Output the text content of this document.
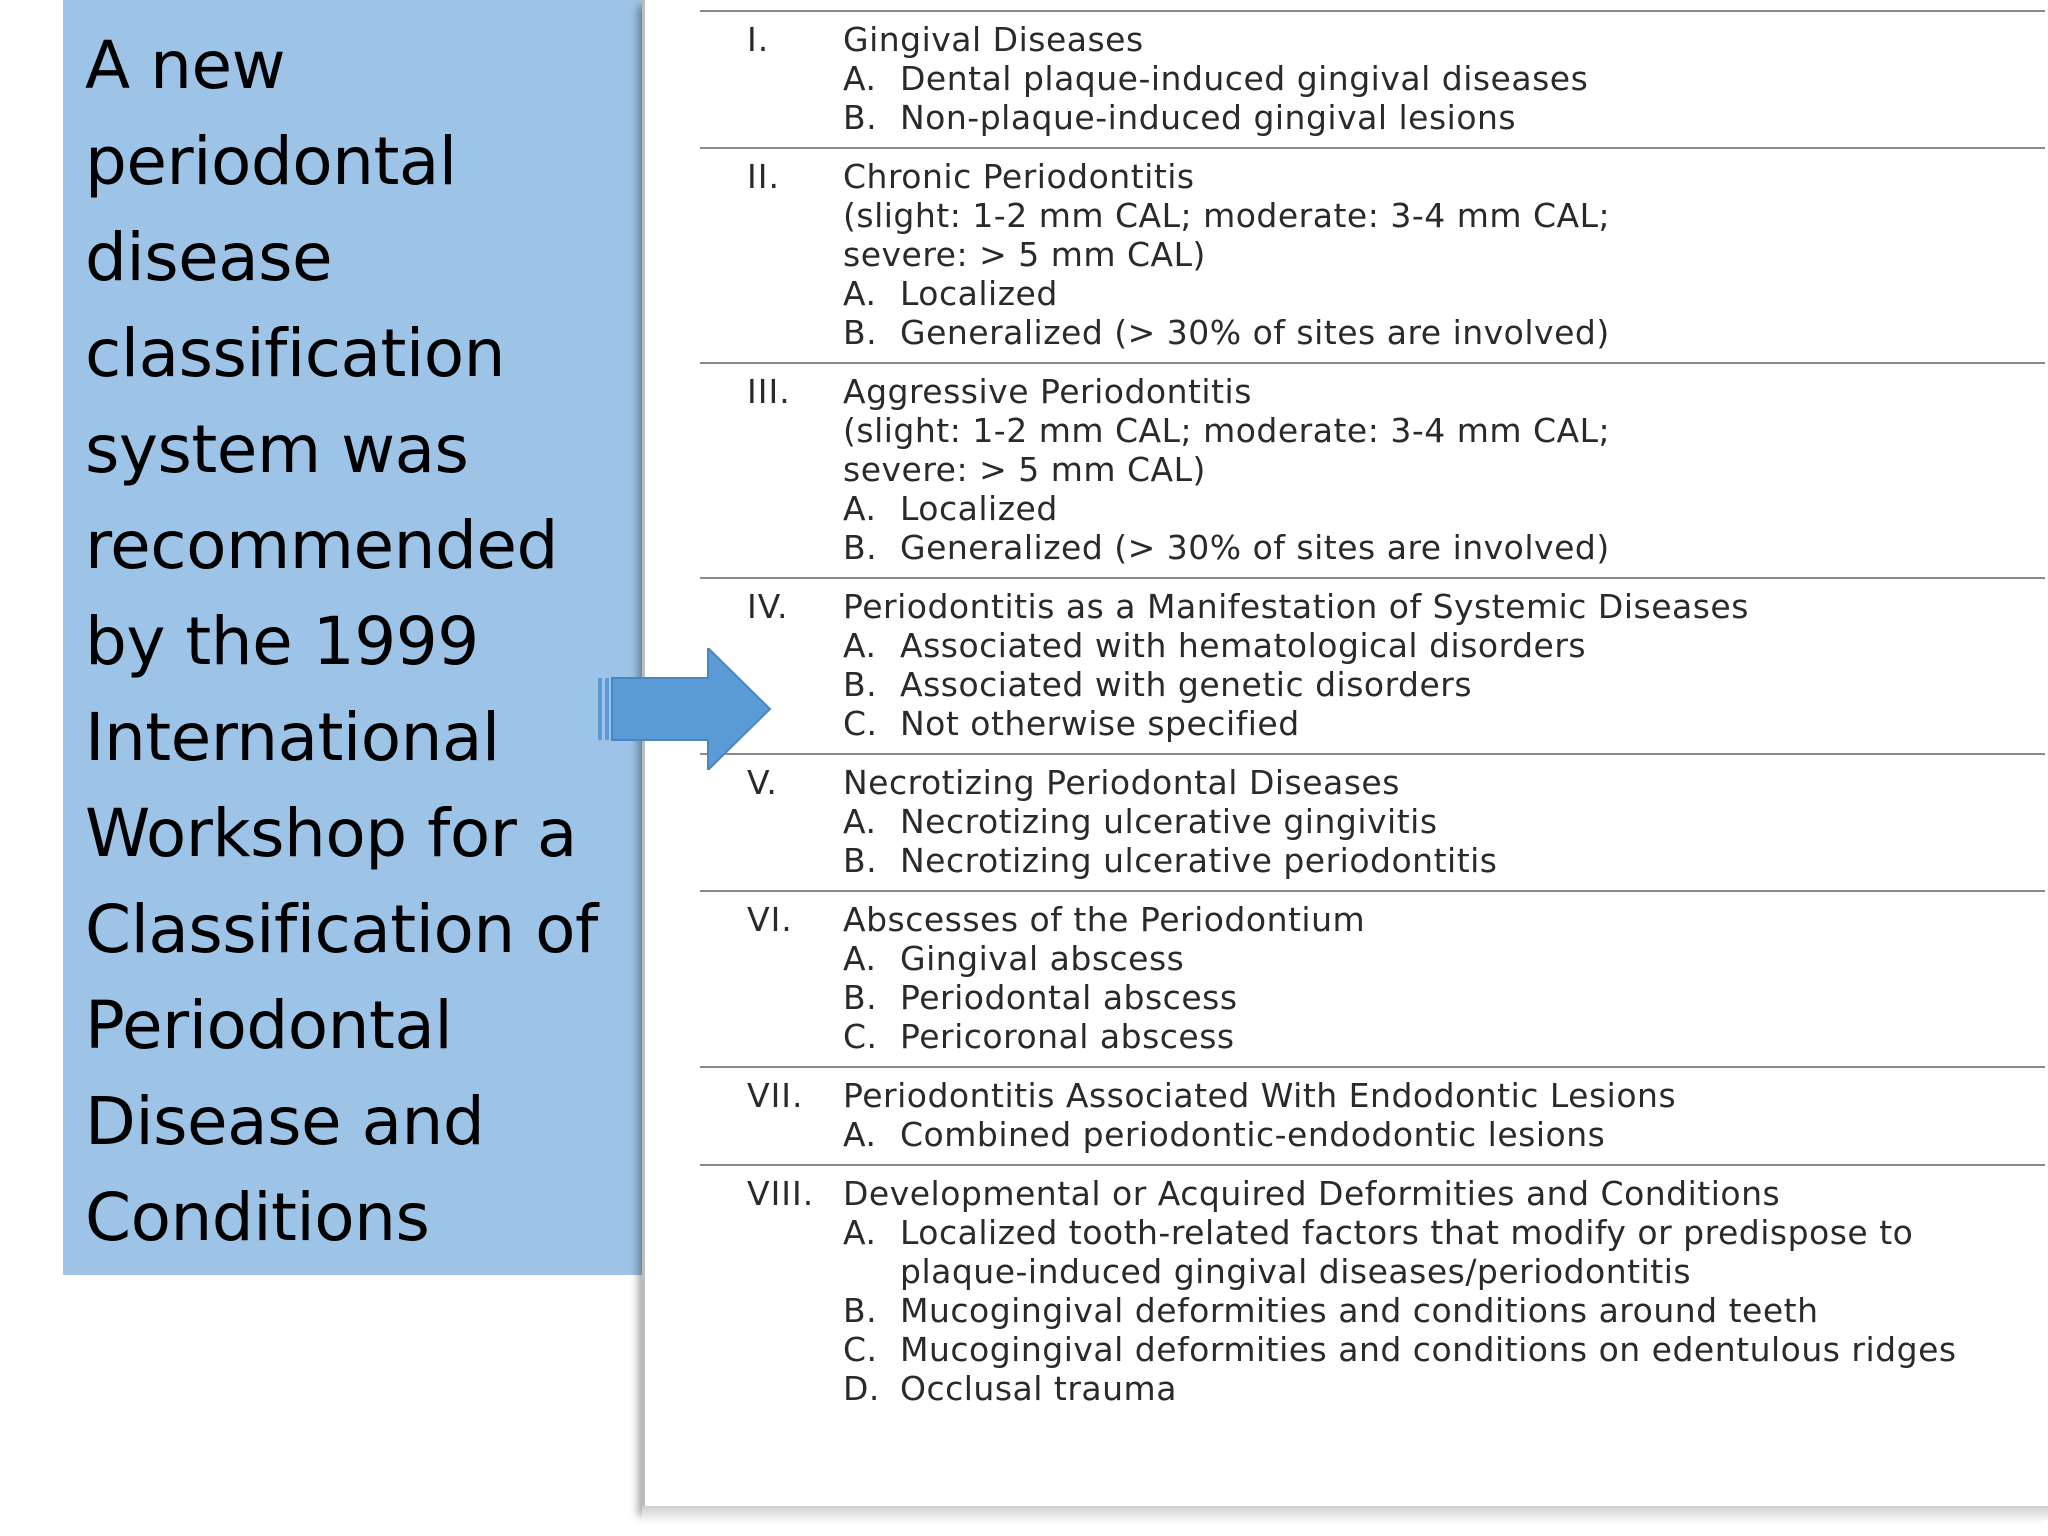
A new
periodontal
disease
classification
system was
recommended
by the 1999
International
Workshop for a
Classification of
Periodontal
Disease and
Conditions
I.	Gingival Diseases
A. Dental plaque-induced gingival diseases
B. Non-plaque-induced gingival lesions
II.	Chronic Periodontitis
(slight: 1-2 mm CAL; moderate: 3-4 mm CAL;
severe: > 5 mm CAL)
A. Localized
B. Generalized (> 30% of sites are involved)
III.	Aggressive Periodontitis
(slight: 1-2 mm CAL; moderate: 3-4 mm CAL;
severe: > 5 mm CAL)
A. Localized
B. Generalized (> 30% of sites are involved)
IV.	Periodontitis as a Manifestation of Systemic Diseases
A. Associated with hematological disorders
B. Associated with genetic disorders
C. Not otherwise specified
V.	Necrotizing Periodontal Diseases
A. Necrotizing ulcerative gingivitis
B. Necrotizing ulcerative periodontitis
VI.	Abscesses of the Periodontium
A. Gingival abscess
B. Periodontal abscess
C. Pericoronal abscess
VII.	Periodontitis Associated With Endodontic Lesions
A. Combined periodontic-endodontic lesions
VIII. Developmental or Acquired Deformities and Conditions
A. Localized tooth-related factors that modify or predispose to plaque-induced gingival diseases/periodontitis
B. Mucogingival deformities and conditions around teeth
C. Mucogingival deformities and conditions on edentulous ridges
D. Occlusal trauma
